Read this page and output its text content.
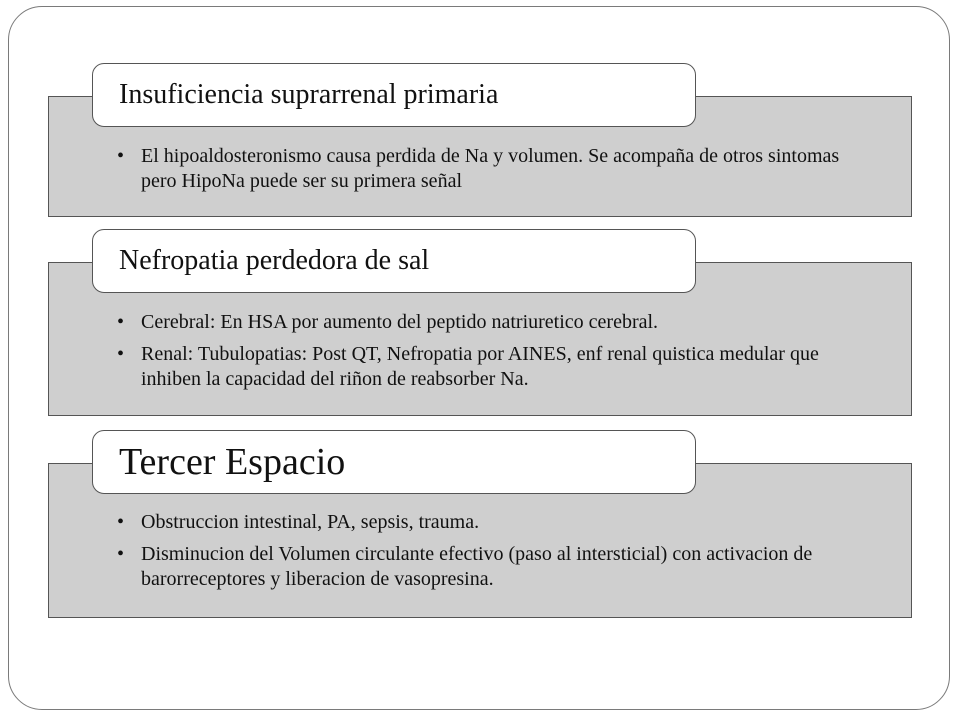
• El hipoaldosteronismo causa perdida de Na y volumen. Se acompaña de otros sintomas pero HipoNa puede ser su primera señal
Insuficiencia suprarrenal primaria
• Cerebral: En HSA por aumento del peptido natriuretico cerebral.
• Renal: Tubulopatias: Post QT, Nefropatia por AINES, enf renal quistica medular que inhiben la capacidad del riñon de reabsorber Na.
Nefropatia perdedora de sal
• Obstruccion intestinal, PA, sepsis, trauma.
• Disminucion del Volumen circulante efectivo (paso al intersticial) con activacion de barorreceptores y liberacion de vasopresina.
Tercer Espacio
